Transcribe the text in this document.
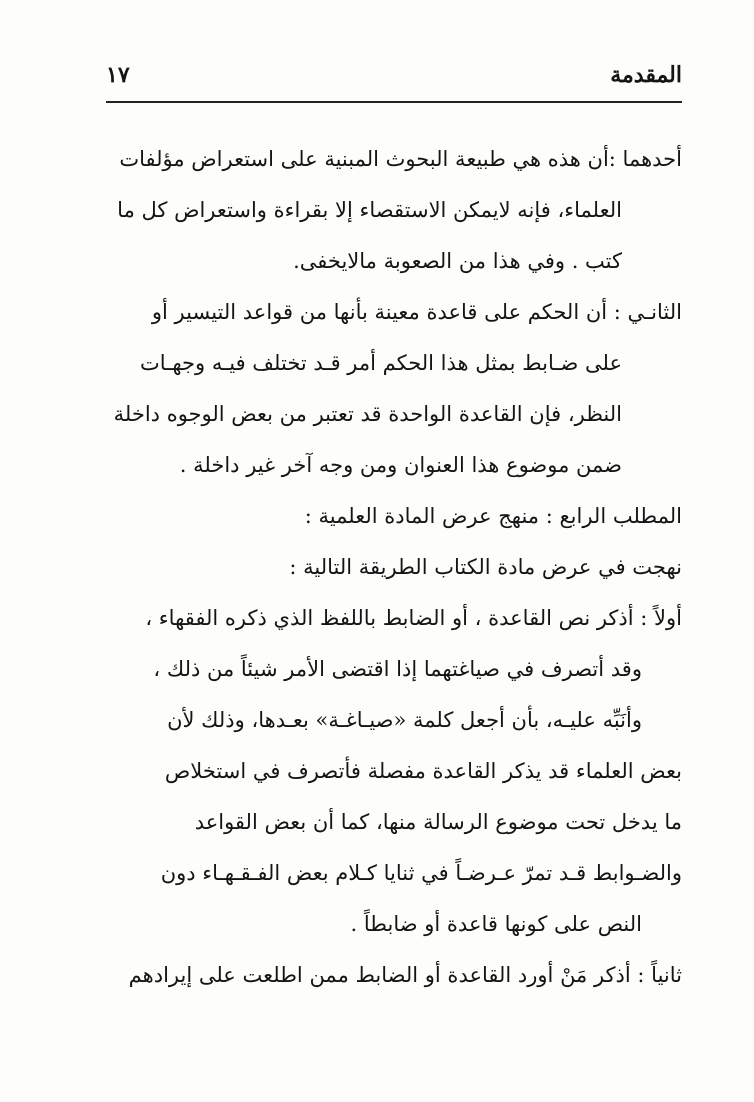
المقدمة
١٧
أحدهما :أن هذه هي طبيعة البحوث المبنية على استعراض مؤلفات
العلماء، فإنه لايمكن الاستقصاء إلا بقراءة واستعراض كل ما
كتب . وفي هذا من الصعوبة مالايخفى.
الثانـي : أن الحكم على قاعدة معينة بأنها من قواعد التيسير أو
على ضـابط بمثل هذا الحكم أمر قـد تختلف فيـه وجهـات
النظر، فإن القاعدة الواحدة قد تعتبر من بعض الوجوه داخلة
ضمن موضوع هذا العنوان ومن وجه آخر غير داخلة .
المطلب الرابع : منهج عرض المادة العلمية :
نهجت في عرض مادة الكتاب الطريقة التالية :
أولاً : أذكر نص القاعدة ، أو الضابط باللفظ الذي ذكره الفقهاء ،
وقد أتصرف في صياغتهما إذا اقتضى الأمر شيئاً من ذلك ،
وأنَبِّه عليـه، بأن أجعل كلمة «صيـاغـة» بعـدها، وذلك لأن
بعض العلماء قد يذكر القاعدة مفصلة فأتصرف في استخلاص
ما يدخل تحت موضوع الرسالة منها، كما أن بعض القواعد
والضـوابط قـد تمرّ عـرضـاً في ثنايا كـلام بعض الفـقـهـاء دون
النص على كونها قاعدة أو ضابطاً .
ثانياً : أذكر مَنْ أورد القاعدة أو الضابط ممن اطلعت على إيرادهم
